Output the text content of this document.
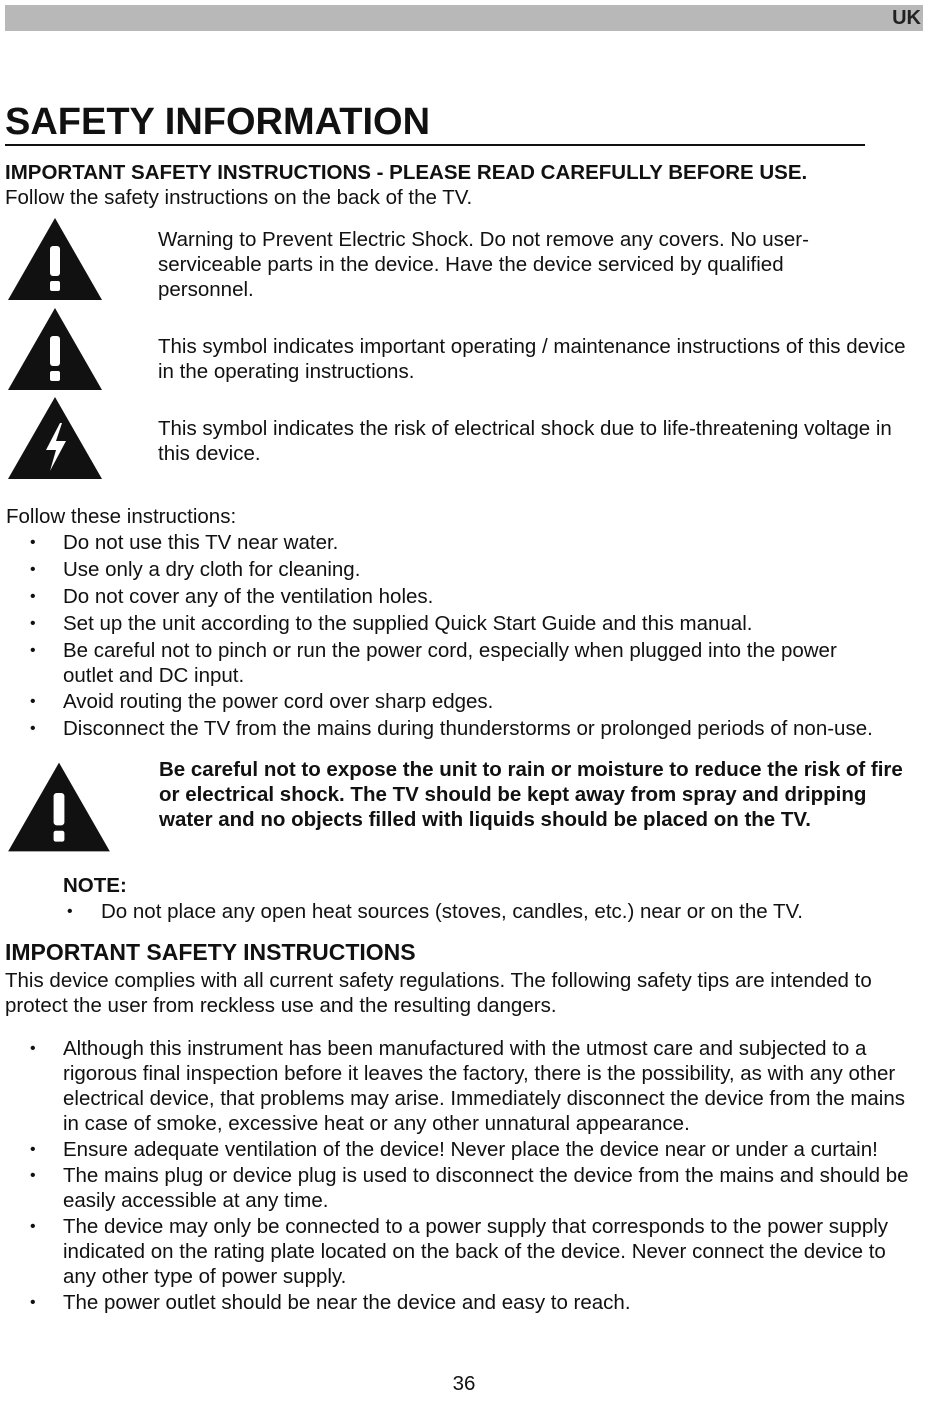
UK
SAFETY INFORMATION
IMPORTANT SAFETY INSTRUCTIONS - PLEASE READ CAREFULLY BEFORE USE.
Follow the safety instructions on the back of the TV.
Warning to Prevent Electric Shock. Do not remove any covers. No user-serviceable parts in the device. Have the device serviced by qualified personnel.
This symbol indicates important operating / maintenance instructions of this device in the operating instructions.
This symbol indicates the risk of electrical shock due to life-threatening voltage in this device.
Follow these instructions:
• Do not use this TV near water.
• Use only a dry cloth for cleaning.
• Do not cover any of the ventilation holes.
• Set up the unit according to the supplied Quick Start Guide and this manual.
• Be careful not to pinch or run the power cord, especially when plugged into the power outlet and DC input.
• Avoid routing the power cord over sharp edges.
• Disconnect the TV from the mains during thunderstorms or prolonged periods of non-use.
Be careful not to expose the unit to rain or moisture to reduce the risk of fire or electrical shock. The TV should be kept away from spray and dripping water and no objects filled with liquids should be placed on the TV.
NOTE:
• Do not place any open heat sources (stoves, candles, etc.) near or on the TV.
IMPORTANT SAFETY INSTRUCTIONS
This device complies with all current safety regulations. The following safety tips are intended to protect the user from reckless use and the resulting dangers.
• Although this instrument has been manufactured with the utmost care and subjected to a rigorous final inspection before it leaves the factory, there is the possibility, as with any other electrical device, that problems may arise. Immediately disconnect the device from the mains in case of smoke, excessive heat or any other unnatural appearance.
• Ensure adequate ventilation of the device! Never place the device near or under a curtain!
• The mains plug or device plug is used to disconnect the device from the mains and should be easily accessible at any time.
• The device may only be connected to a power supply that corresponds to the power supply indicated on the rating plate located on the back of the device. Never connect the device to any other type of power supply.
• The power outlet should be near the device and easy to reach.
36
